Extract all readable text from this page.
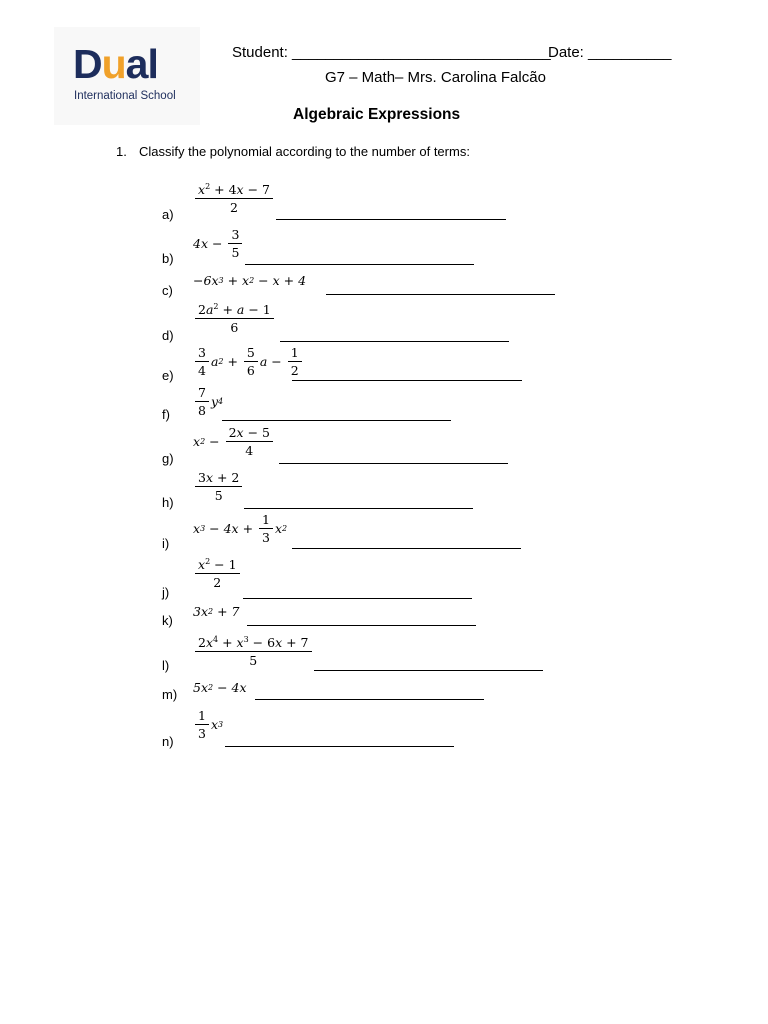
Dual
International School
Student: _______________________________
Date: __________
G7 – Math– Mrs. Carolina Falcão
Algebraic Expressions
1. Classify the polynomial according to the number of terms:
$a) \frac{x^2 + 4x - 7}{2}$
b)
4 $x - \frac{3}{5}$
c)
−6 x 3 + x 2 − x + 4
d)
$\frac{2a^2 + a - 1}{6}$
$e) \frac{3}{4}$ a $2 + \frac{5}{6}$ $a - \frac{1}{2}$
$f) \frac{7}{8}$ y 4
g)
x $2 - \frac{2x - 5}{4}$
$h) \frac{3x + 2}{5}$
i)
x 3 − 4 $x + \frac{1}{3}$ x 2
j)
$\frac{x^2 - 1}{2}$
k)
3 x 2 + 7
$l) \frac{2x^4 + x^3 - 6x + 7}{5}$
m) 5 x 2 − 4 x
n)
$\frac{1}{3}$ x 3
